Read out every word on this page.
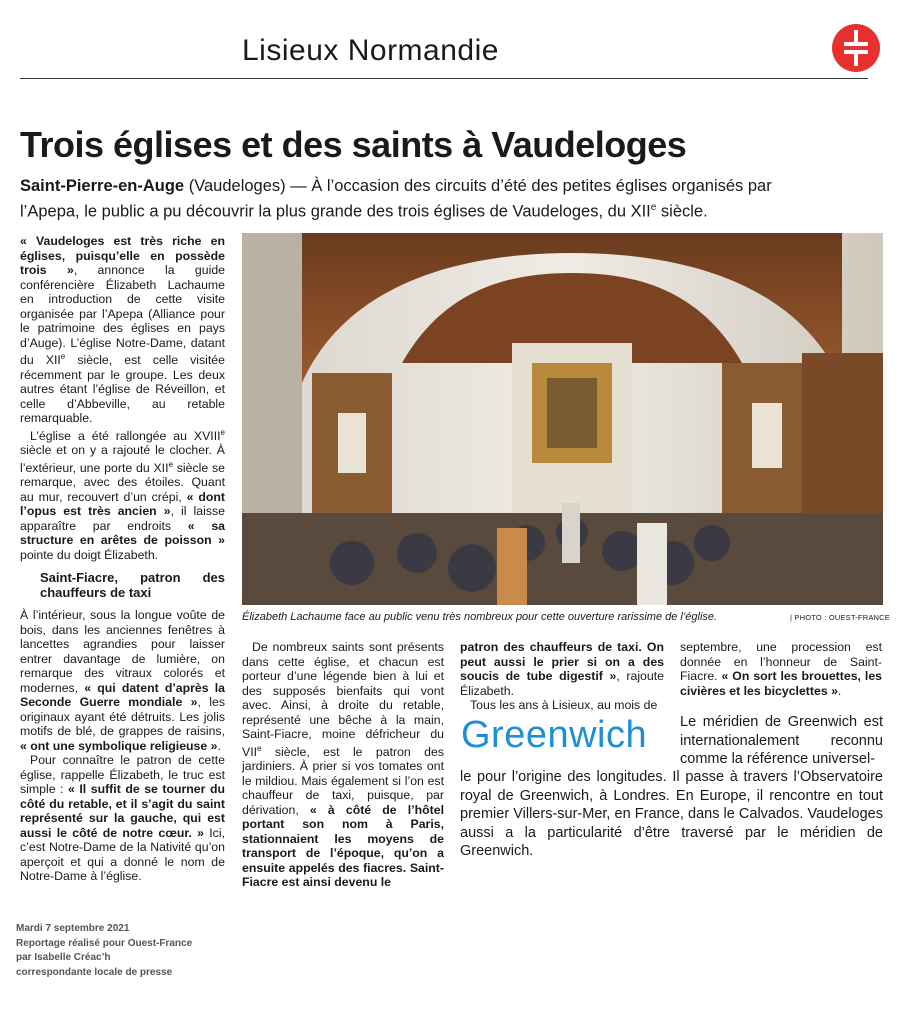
Lisieux Normandie
Trois églises et des saints à Vaudeloges
Saint-Pierre-en-Auge (Vaudeloges) — À l’occasion des circuits d’été des petites églises organisés par l’Apepa, le public a pu découvrir la plus grande des trois églises de Vaudeloges, du XIIe siècle.

« Vaudeloges est très riche en églises, puisqu’elle en possède trois », annonce la guide conférencière Élizabeth Lachaume en introduction de cette visite organisée par l’Apepa (Alliance pour le patrimoine des églises en pays d’Auge). L’église Notre-Dame, datant du XIIe siècle, est celle visitée récemment par le groupe. Les deux autres étant l’église de Réveillon, et celle d’Abbeville, au retable remarquable.

L’église a été rallongée au XVIIIe siècle et on y a rajouté le clocher. À l’extérieur, une porte du XIIe siècle se remarque, avec des étoiles. Quant au mur, recouvert d’un crépi, « dont l’opus est très ancien », il laisse apparaître par endroits « sa structure en arêtes de poisson » pointe du doigt Élizabeth.

Saint-Fiacre, patron des chauffeurs de taxi

À l’intérieur, sous la longue voûte de bois, dans les anciennes fenêtres à lancettes agrandies pour laisser entrer davantage de lumière, on remarque des vitraux colorés et modernes, « qui datent d’après la Seconde Guerre mondiale », les originaux ayant été détruits. Les jolis motifs de blé, de grappes de raisins, « ont une symbolique religieuse ».

Pour connaître le patron de cette église, rappelle Élizabeth, le truc est simple : « Il suffit de se tourner du côté du retable, et il s’agit du saint représenté sur la gauche, qui est aussi le côté de notre cœur. » Ici, c’est Notre-Dame de la Nativité qu’on aperçoit et qui a donné le nom de Notre-Dame à l’église.

Élizabeth Lachaume face au public venu très nombreux pour cette ouverture rarissime de l’église.	| PHOTO : OUEST-FRANCE

De nombreux saints sont présents dans cette église, et chacun est porteur d’une légende bien à lui et des supposés bienfaits qui vont avec. Ainsi, à droite du retable, représenté une bêche à la main, Saint-Fiacre, moine défricheur du VIIe siècle, est le patron des jardiniers. À prier si vos tomates ont le mildiou. Mais également si l’on est chauffeur de taxi, puisque, par dérivation, « à côté de l’hôtel portant son nom à Paris, stationnaient les moyens de transport de l’époque, qu’on a ensuite appelés des fiacres. Saint-Fiacre est ainsi devenu le

patron des chauffeurs de taxi. On peut aussi le prier si on a des soucis de tube digestif », rajoute Élizabeth.

Tous les ans à Lisieux, au mois de

septembre, une procession est donnée en l’honneur de Saint-Fiacre. « On sort les brouettes, les civières et les bicyclettes ».

Greenwich Le méridien de Greenwich est internationalement reconnu comme la référence universel-
le pour l’origine des longitudes. Il passe à travers l’Observatoire royal de Greenwich, à Londres. En Europe, il rencontre en tout premier Villers-sur-Mer, en France, dans le Calvados. Vaudeloges aussi a la particularité d’être traversé par le méridien de Greenwich.
Mardi 7 septembre 2021
Reportage réalisé pour Ouest-France
par Isabelle Créac’h
correspondante locale de presse
